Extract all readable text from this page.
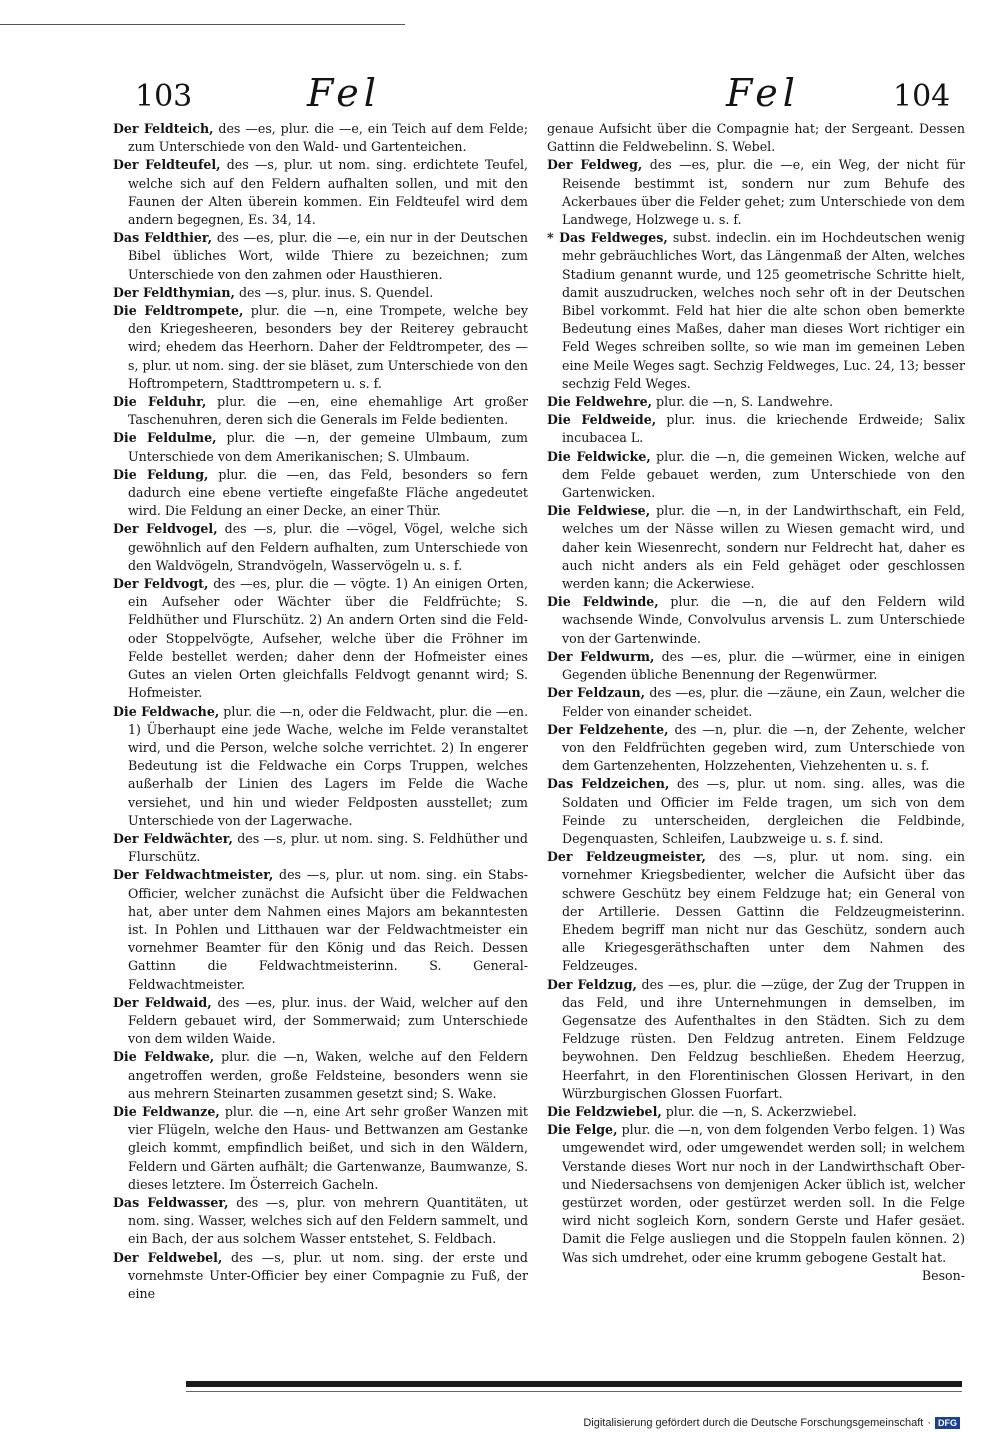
103	Fel	Fel	104

Der Feldteich, des —es, plur. die —e, ein Teich auf dem Felde; zum Unterschiede von den Wald- und Gartenteichen.

Der Feldteufel, des —s, plur. ut nom. sing. erdichtete Teufel, welche sich auf den Feldern aufhalten sollen, und mit den Faunen der Alten überein kommen. Ein Feldteufel wird dem andern begegnen, Es. 34, 14.

Das Feldthier, des —es, plur. die —e, ein nur in der Deutschen Bibel übliches Wort, wilde Thiere zu bezeichnen; zum Unterschiede von den zahmen oder Hausthieren.

Der Feldthymian, des —s, plur. inus. S. Quendel.

Die Feldtrompete, plur. die —n, eine Trompete, welche bey den Kriegesheeren, besonders bey der Reiterey gebraucht wird; ehedem das Heerhorn. Daher der Feldtrompeter, des —s, plur. ut nom. sing. der sie bläset, zum Unterschiede von den Hoftrompetern, Stadttrompetern u. s. f.

Die Felduhr, plur. die —en, eine ehemahlige Art großer Taschenuhren, deren sich die Generals im Felde bedienten.

Die Feldulme, plur. die —n, der gemeine Ulmbaum, zum Unterschiede von dem Amerikanischen; S. Ulmbaum.

Die Feldung, plur. die —en, das Feld, besonders so fern dadurch eine ebene vertiefte eingefaßte Fläche angedeutet wird. Die Feldung an einer Decke, an einer Thür.

Der Feldvogel, des —s, plur. die —vögel, Vögel, welche sich gewöhnlich auf den Feldern aufhalten, zum Unterschiede von den Waldvögeln, Strandvögeln, Wasservögeln u. s. f.

Der Feldvogt, des —es, plur. die — vögte. 1) An einigen Orten, ein Aufseher oder Wächter über die Feldfrüchte; S. Feldhüther und Flurschütz. 2) An andern Orten sind die Feld- oder Stoppelvögte, Aufseher, welche über die Fröhner im Felde bestellet werden; daher denn der Hofmeister eines Gutes an vielen Orten gleichfalls Feldvogt genannt wird; S. Hofmeister.

Die Feldwache, plur. die —n, oder die Feldwacht, plur. die —en. 1) Überhaupt eine jede Wache, welche im Felde veranstaltet wird, und die Person, welche solche verrichtet. 2) In engerer Bedeutung ist die Feldwache ein Corps Truppen, welches außerhalb der Linien des Lagers im Felde die Wache versiehet, und hin und wieder Feldposten ausstellet; zum Unterschiede von der Lagerwache.

Der Feldwächter, des —s, plur. ut nom. sing. S. Feldhüther und Flurschütz.

Der Feldwachtmeister, des —s, plur. ut nom. sing. ein Stabs-Officier, welcher zunächst die Aufsicht über die Feldwachen hat, aber unter dem Nahmen eines Majors am bekanntesten ist. In Pohlen und Litthauen war der Feldwachtmeister ein vornehmer Beamter für den König und das Reich. Dessen Gattinn die Feldwachtmeisterinn. S. General-Feldwachtmeister.

Der Feldwaid, des —es, plur. inus. der Waid, welcher auf den Feldern gebauet wird, der Sommerwaid; zum Unterschiede von dem wilden Waide.

Die Feldwake, plur. die —n, Waken, welche auf den Feldern angetroffen werden, große Feldsteine, besonders wenn sie aus mehrern Steinarten zusammen gesetzt sind; S. Wake.

Die Feldwanze, plur. die —n, eine Art sehr großer Wanzen mit vier Flügeln, welche den Haus- und Bettwanzen am Gestanke gleich kommt, empfindlich beißet, und sich in den Wäldern, Feldern und Gärten aufhält; die Gartenwanze, Baumwanze, S. dieses letztere. Im Österreich Gacheln.

Das Feldwasser, des —s, plur. von mehrern Quantitäten, ut nom. sing. Wasser, welches sich auf den Feldern sammelt, und ein Bach, der aus solchem Wasser entstehet, S. Feldbach.

Der Feldwebel, des —s, plur. ut nom. sing. der erste und vornehmste Unter-Officier bey einer Compagnie zu Fuß, der eine

genaue Aufsicht über die Compagnie hat; der Sergeant. Dessen Gattinn die Feldwebelinn. S. Webel.

Der Feldweg, des —es, plur. die —e, ein Weg, der nicht für Reisende bestimmt ist, sondern nur zum Behufe des Ackerbaues über die Felder gehet; zum Unterschiede von dem Landwege, Holzwege u. s. f.

* Das Feldweges, subst. indeclin. ein im Hochdeutschen wenig mehr gebräuchliches Wort, das Längenmaß der Alten, welches Stadium genannt wurde, und 125 geometrische Schritte hielt, damit auszudrucken, welches noch sehr oft in der Deutschen Bibel vorkommt. Feld hat hier die alte schon oben bemerkte Bedeutung eines Maßes, daher man dieses Wort richtiger ein Feld Weges schreiben sollte, so wie man im gemeinen Leben eine Meile Weges sagt. Sechzig Feldweges, Luc. 24, 13; besser sechzig Feld Weges.

Die Feldwehre, plur. die —n, S. Landwehre.

Die Feldweide, plur. inus. die kriechende Erdweide; Salix incubacea L.

Die Feldwicke, plur. die —n, die gemeinen Wicken, welche auf dem Felde gebauet werden, zum Unterschiede von den Gartenwicken.

Die Feldwiese, plur. die —n, in der Landwirthschaft, ein Feld, welches um der Nässe willen zu Wiesen gemacht wird, und daher kein Wiesenrecht, sondern nur Feldrecht hat, daher es auch nicht anders als ein Feld gehäget oder geschlossen werden kann; die Ackerwiese.

Die Feldwinde, plur. die —n, die auf den Feldern wild wachsende Winde, Convolvulus arvensis L. zum Unterschiede von der Gartenwinde.

Der Feldwurm, des —es, plur. die —würmer, eine in einigen Gegenden übliche Benennung der Regenwürmer.

Der Feldzaun, des —es, plur. die —zäune, ein Zaun, welcher die Felder von einander scheidet.

Der Feldzehente, des —n, plur. die —n, der Zehente, welcher von den Feldfrüchten gegeben wird, zum Unterschiede von dem Gartenzehenten, Holzzehenten, Viehzehenten u. s. f.

Das Feldzeichen, des —s, plur. ut nom. sing. alles, was die Soldaten und Officier im Felde tragen, um sich von dem Feinde zu unterscheiden, dergleichen die Feldbinde, Degenquasten, Schleifen, Laubzweige u. s. f. sind.

Der Feldzeugmeister, des —s, plur. ut nom. sing. ein vornehmer Kriegsbedienter, welcher die Aufsicht über das schwere Geschütz bey einem Feldzuge hat; ein General von der Artillerie. Dessen Gattinn die Feldzeugmeisterinn. Ehedem begriff man nicht nur das Geschütz, sondern auch alle Kriegesgeräthschaften unter dem Nahmen des Feldzeuges.

Der Feldzug, des —es, plur. die —züge, der Zug der Truppen in das Feld, und ihre Unternehmungen in demselben, im Gegensatze des Aufenthaltes in den Städten. Sich zu dem Feldzuge rüsten. Den Feldzug antreten. Einem Feldzuge beywohnen. Den Feldzug beschließen. Ehedem Heerzug, Heerfahrt, in den Florentinischen Glossen Herivart, in den Würzburgischen Glossen Fuorfart.

Die Feldzwiebel, plur. die —n, S. Ackerzwiebel.

Die Felge, plur. die —n, von dem folgenden Verbo felgen. 1) Was umgewendet wird, oder umgewendet werden soll; in welchem Verstande dieses Wort nur noch in der Landwirthschaft Ober- und Niedersachsens von demjenigen Acker üblich ist, welcher gestürzet worden, oder gestürzet werden soll. In die Felge wird nicht sogleich Korn, sondern Gerste und Hafer gesäet. Damit die Felge ausliegen und die Stoppeln faulen können. 2) Was sich umdrehet, oder eine krumm gebogene Gestalt hat.

Beson-

Digitalisierung gefördert durch die Deutsche Forschungsgemeinschaft · DFG
